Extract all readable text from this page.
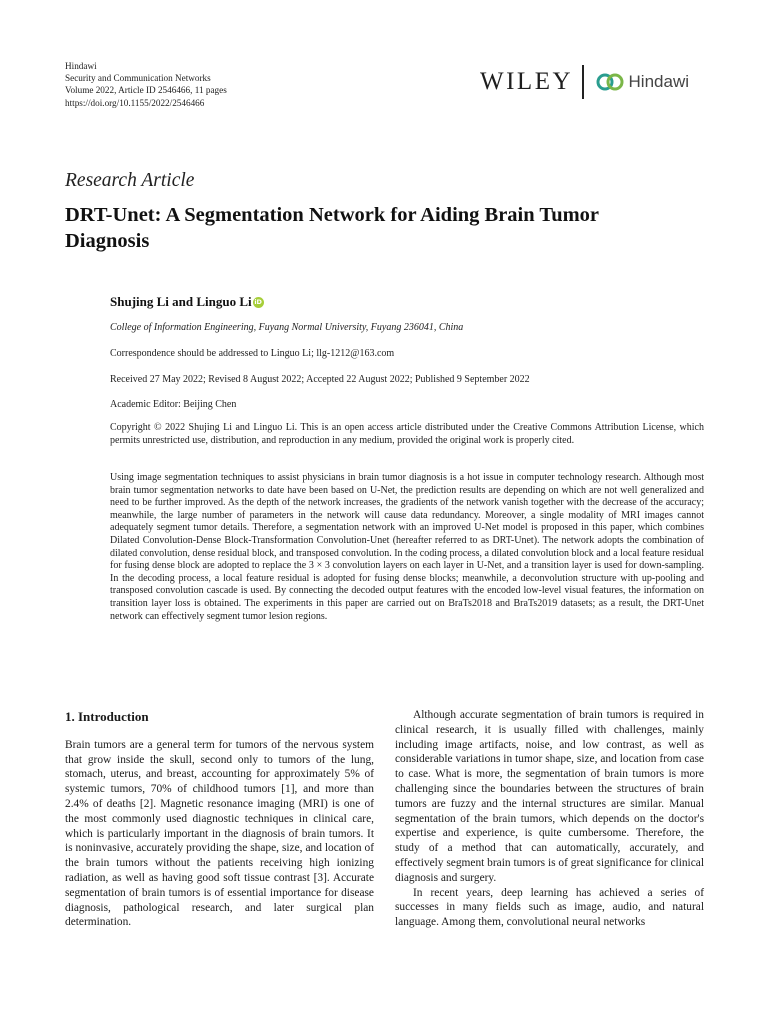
Hindawi
Security and Communication Networks
Volume 2022, Article ID 2546466, 11 pages
https://doi.org/10.1155/2022/2546466
WILEY	Hindawi
Research Article
DRT-Unet: A Segmentation Network for Aiding Brain Tumor Diagnosis
Shujing Li and Linguo Li iD
College of Information Engineering, Fuyang Normal University, Fuyang 236041, China
Correspondence should be addressed to Linguo Li; llg-1212@163.com
Received 27 May 2022; Revised 8 August 2022; Accepted 22 August 2022; Published 9 September 2022
Academic Editor: Beijing Chen
Copyright © 2022 Shujing Li and Linguo Li. This is an open access article distributed under the Creative Commons Attribution License, which permits unrestricted use, distribution, and reproduction in any medium, provided the original work is properly cited.
Using image segmentation techniques to assist physicians in brain tumor diagnosis is a hot issue in computer technology research. Although most brain tumor segmentation networks to date have been based on U-Net, the prediction results are depending on which are not well generalized and need to be further improved. As the depth of the network increases, the gradients of the network vanish together with the decrease of the accuracy; meanwhile, the large number of parameters in the network will cause data redundancy. Moreover, a single modality of MRI images cannot adequately segment tumor details. Therefore, a segmentation network with an improved U-Net model is proposed in this paper, which combines Dilated Convolution-Dense Block-Transformation Convolution-Unet (hereafter referred to as DRT-Unet). The network adopts the combination of dilated convolution, dense residual block, and transposed convolution. In the coding process, a dilated convolution block and a local feature residual for fusing dense block are adopted to replace the 3 × 3 convolution layers on each layer in U-Net, and a transition layer is used for down-sampling. In the decoding process, a local feature residual is adopted for fusing dense blocks; meanwhile, a deconvolution structure with up-pooling and transposed convolution cascade is used. By connecting the decoded output features with the encoded low-level visual features, the information on transition layer loss is obtained. The experiments in this paper are carried out on BraTs2018 and BraTs2019 datasets; as a result, the DRT-Unet network can effectively segment tumor lesion regions.
1. Introduction

Brain tumors are a general term for tumors of the nervous system that grow inside the skull, second only to tumors of the lung, stomach, uterus, and breast, accounting for approximately 5% of systemic tumors, 70% of childhood tumors [1], and more than 2.4% of deaths [2]. Magnetic resonance imaging (MRI) is one of the most commonly used diagnostic techniques in clinical care, which is particularly important in the diagnosis of brain tumors. It is noninvasive, accurately providing the shape, size, and location of the brain tumors without the patients receiving high ionizing radiation, as well as having good soft tissue contrast [3]. Accurate segmentation of brain tumors is of essential importance for disease diagnosis, pathological research, and later surgical plan determination.

Although accurate segmentation of brain tumors is required in clinical research, it is usually filled with challenges, mainly including image artifacts, noise, and low contrast, as well as considerable variations in tumor shape, size, and location from case to case. What is more, the segmentation of brain tumors is more challenging since the boundaries between the structures of brain tumors are fuzzy and the internal structures are similar. Manual segmentation of the brain tumors, which depends on the doctor's expertise and experience, is quite cumbersome. Therefore, the study of a method that can automatically, accurately, and effectively segment brain tumors is of great significance for clinical diagnosis and surgery.

In recent years, deep learning has achieved a series of successes in many fields such as image, audio, and natural language. Among them, convolutional neural networks
